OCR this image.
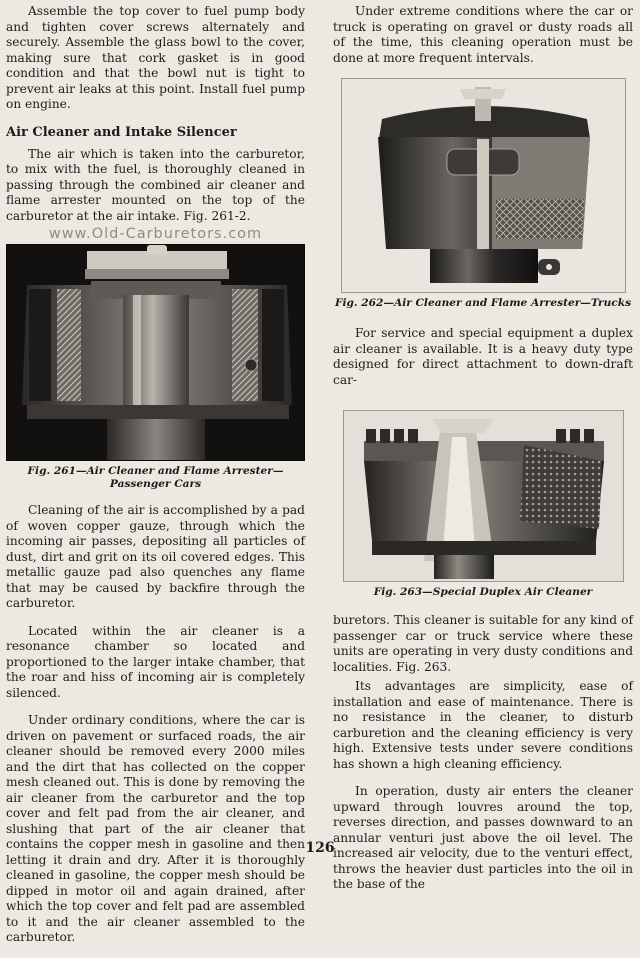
Assemble the top cover to fuel pump body and tighten cover screws alternately and securely. Assemble the glass bowl to the cover, making sure that cork gasket is in good condition and that the bowl nut is tight to prevent air leaks at this point. Install fuel pump on engine.

Air Cleaner and Intake Silencer

The air which is taken into the carburetor, to mix with the fuel, is thoroughly cleaned in passing through the combined air cleaner and flame arrester mounted on the top of the carburetor at the air intake. Fig. 261-2.

www.Old-Carburetors.com
Fig. 261—Air Cleaner and Flame Arrester—Passenger Cars

Cleaning of the air is accomplished by a pad of woven copper gauze, through which the incoming air passes, depositing all particles of dust, dirt and grit on its oil covered edges. This metallic gauze pad also quenches any flame that may be caused by backfire through the carburetor.

Located within the air cleaner is a resonance chamber so located and proportioned to the larger intake chamber, that the roar and hiss of incoming air is completely silenced.

Under ordinary conditions, where the car is driven on pavement or surfaced roads, the air cleaner should be removed every 2000 miles and the dirt that has collected on the copper mesh cleaned out. This is done by removing the air cleaner from the carburetor and the top cover and felt pad from the air cleaner, and slushing that part of the air cleaner that contains the copper mesh in gasoline and then letting it drain and dry. After it is thoroughly cleaned in gasoline, the copper mesh should be dipped in motor oil and again drained, after which the top cover and felt pad are assembled to it and the air cleaner assembled to the carburetor.

Under extreme conditions where the car or truck is operating on gravel or dusty roads all of the time, this cleaning operation must be done at more frequent intervals.

Fig. 262—Air Cleaner and Flame Arrester—Trucks

For service and special equipment a duplex air cleaner is available. It is a heavy duty type designed for direct attachment to down-draft car-

Fig. 263—Special Duplex Air Cleaner

buretors. This cleaner is suitable for any kind of passenger car or truck service where these units are operating in very dusty conditions and localities. Fig. 263.

Its advantages are simplicity, ease of installation and ease of maintenance. There is no resistance in the cleaner, to disturb carburetion and the cleaning efficiency is very high. Extensive tests under severe conditions has shown a high cleaning efficiency.

In operation, dusty air enters the cleaner upward through louvres around the top, reverses direction, and passes downward to an annular venturi just above the oil level. The increased air velocity, due to the venturi effect, throws the heavier dust particles into the oil in the base of the

126
